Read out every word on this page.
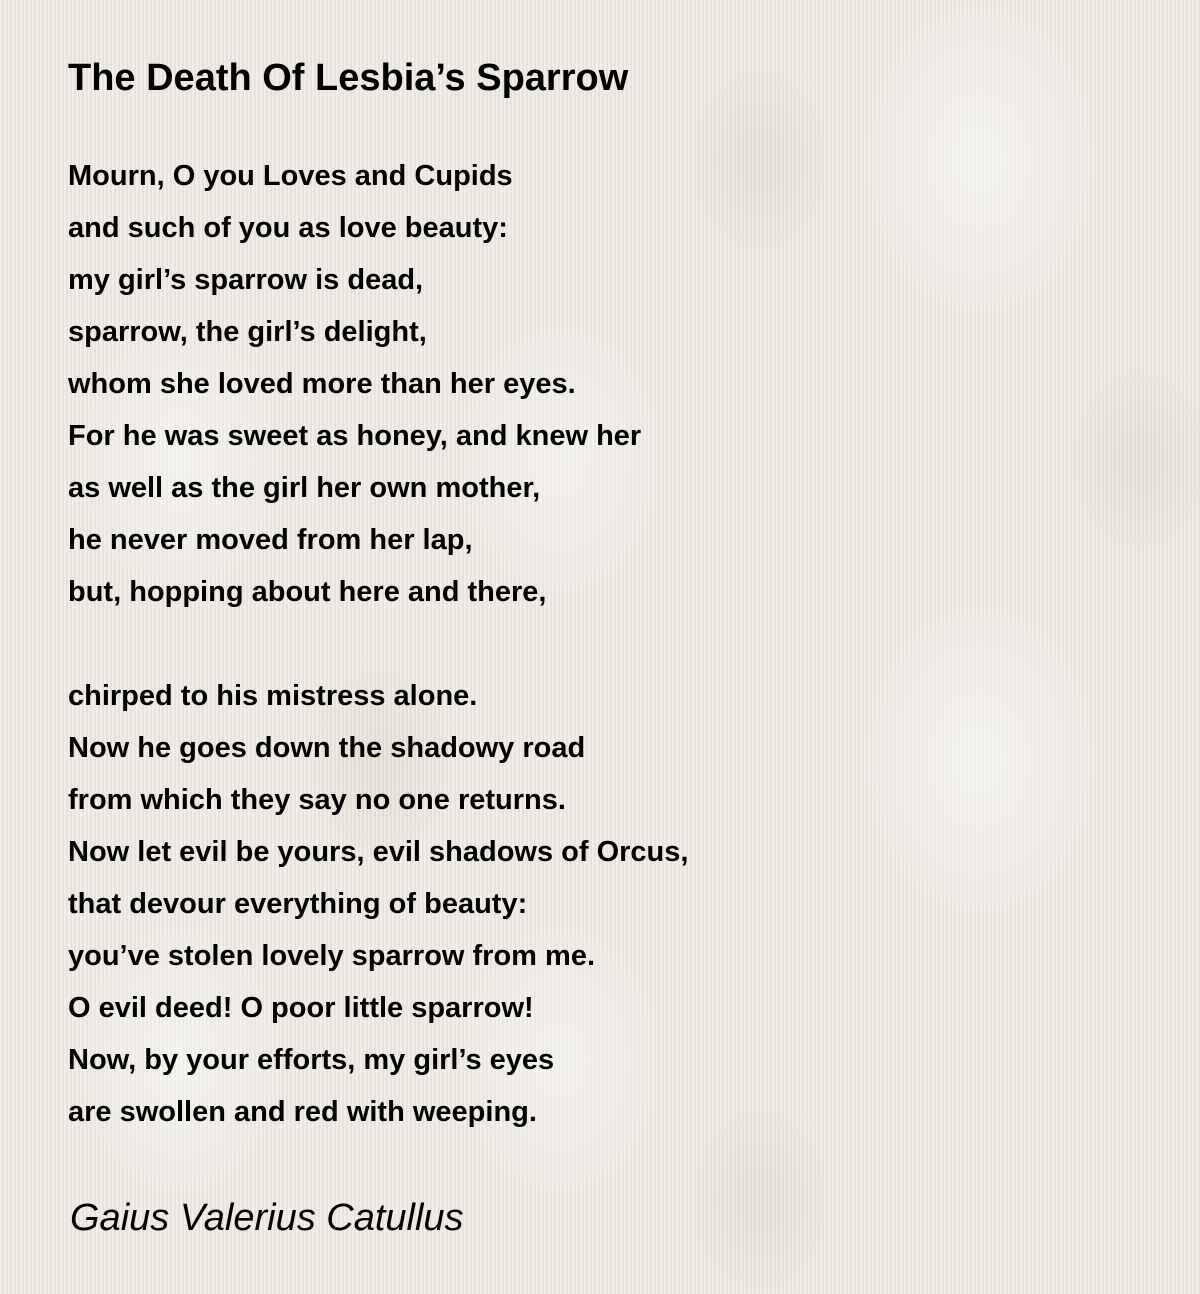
The Death Of Lesbia’s Sparrow
Mourn, O you Loves and Cupids
and such of you as love beauty:
my girl’s sparrow is dead,
sparrow, the girl’s delight,
whom she loved more than her eyes.
For he was sweet as honey, and knew her
as well as the girl her own mother,
he never moved from her lap,
but, hopping about here and there,
chirped to his mistress alone.
Now he goes down the shadowy road
from which they say no one returns.
Now let evil be yours, evil shadows of Orcus,
that devour everything of beauty:
you’ve stolen lovely sparrow from me.
O evil deed! O poor little sparrow!
Now, by your efforts, my girl’s eyes
are swollen and red with weeping.

Gaius Valerius Catullus
